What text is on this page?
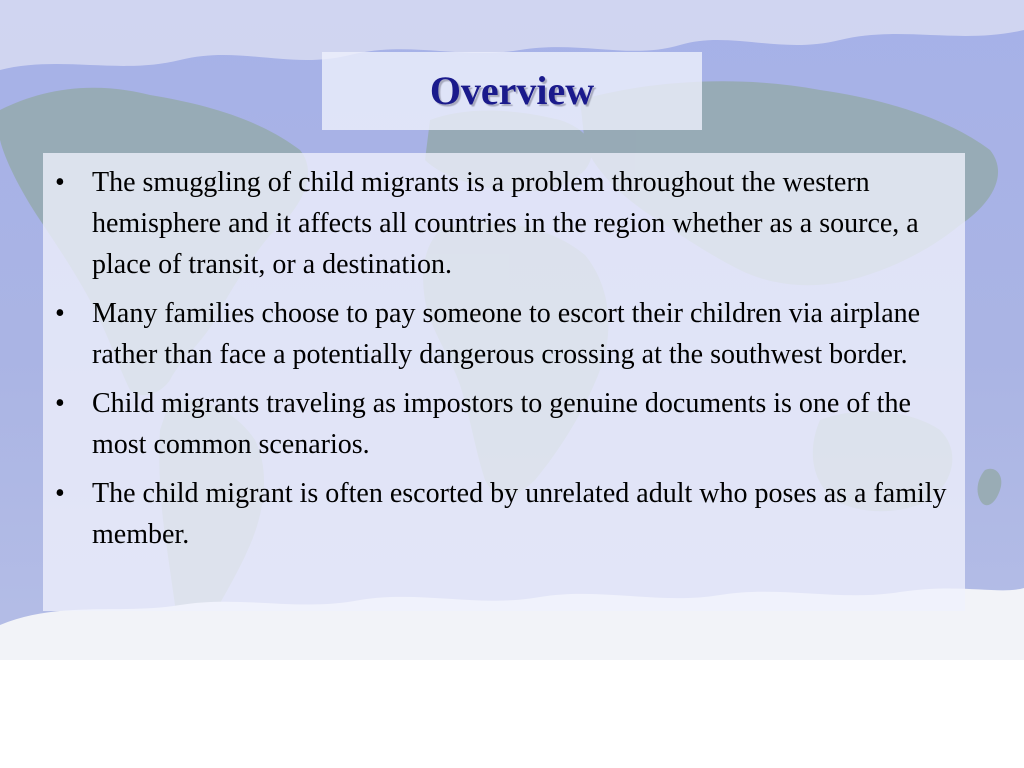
Overview
• The smuggling of child migrants is a problem throughout the western hemisphere and it affects all countries in the region whether as a source, a place of transit, or a destination.
• Many families choose to pay someone to escort their children via airplane rather than face a potentially dangerous crossing at the southwest border.
• Child migrants traveling as impostors to genuine documents is one of the most common scenarios.
• The child migrant is often escorted by unrelated adult who poses as a family member.
